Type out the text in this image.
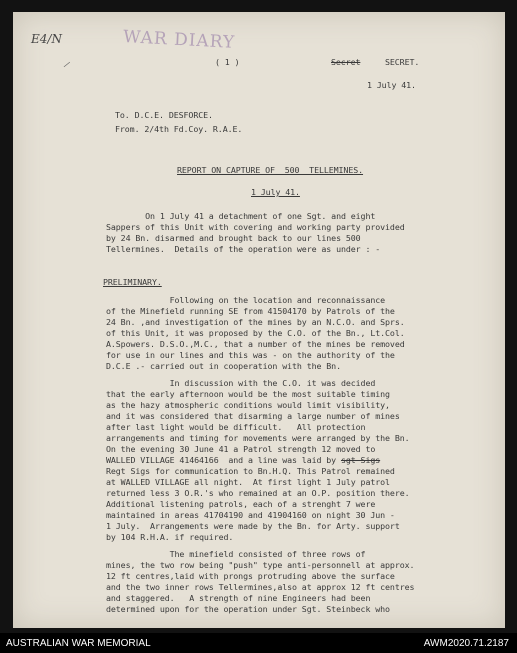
E4/N
⸝
WAR DIARY
( 1 )	Secret	SECRET.
1 July 41.
To. D.C.E. DESFORCE.
From. 2/4th Fd.Coy. R.A.E.
REPORT ON CAPTURE OF  500  TELLEMINES.
1 July 41.
On 1 July 41 a detachment of one Sgt. and eight
Sappers of this Unit with covering and working party provided
by 24 Bn. disarmed and brought back to our lines 500
Tellermines.  Details of the operation were as under : -
PRELIMINARY.
Following on the location and reconnaissance
of the Minefield running SE from 41504170 by Patrols of the
24 Bn. ,and investigation of the mines by an N.C.O. and Sprs.
of this Unit, it was proposed by the C.O. of the Bn., Lt.Col.
A.Spowers. D.S.O.,M.C., that a number of the mines be removed
for use in our lines and this was - on the authority of the
D.C.E .- carried out in cooperation with the Bn.
In discussion with the C.O. it was decided
that the early afternoon would be the most suitable timing
as the hazy atmospheric conditions would limit visibility,
and it was considered that disarming a large number of mines
after last light would be difficult.   All protection
arrangements and timing for movements were arranged by the Bn.
On the evening 30 June 41 a Patrol strength 12 moved to
WALLED VILLAGE 41464166  and a line was laid by sgt Sigs
Regt Sigs for communication to Bn.H.Q. This Patrol remained
at WALLED VILLAGE all night.  At first light 1 July patrol
returned less 3 O.R.'s who remained at an O.P. position there.
Additional listening patrols, each of a strenght 7 were
maintained in areas 41704190 and 41904160 on night 30 Jun -
1 July.  Arrangements were made by the Bn. for Arty. support
by 104 R.H.A. if required.
The minefield consisted of three rows of
mines, the two row being "push" type anti-personnell at approx.
12 ft centres,laid with prongs protruding above the surface
and the two inner rows Tellermines,also at approx 12 ft centres
and staggered.   A strength of nine Engineers had been
determined upon for the operation under Sgt. Steinbeck who
AUSTRALIAN WAR MEMORIAL	AWM2020.71.2187
